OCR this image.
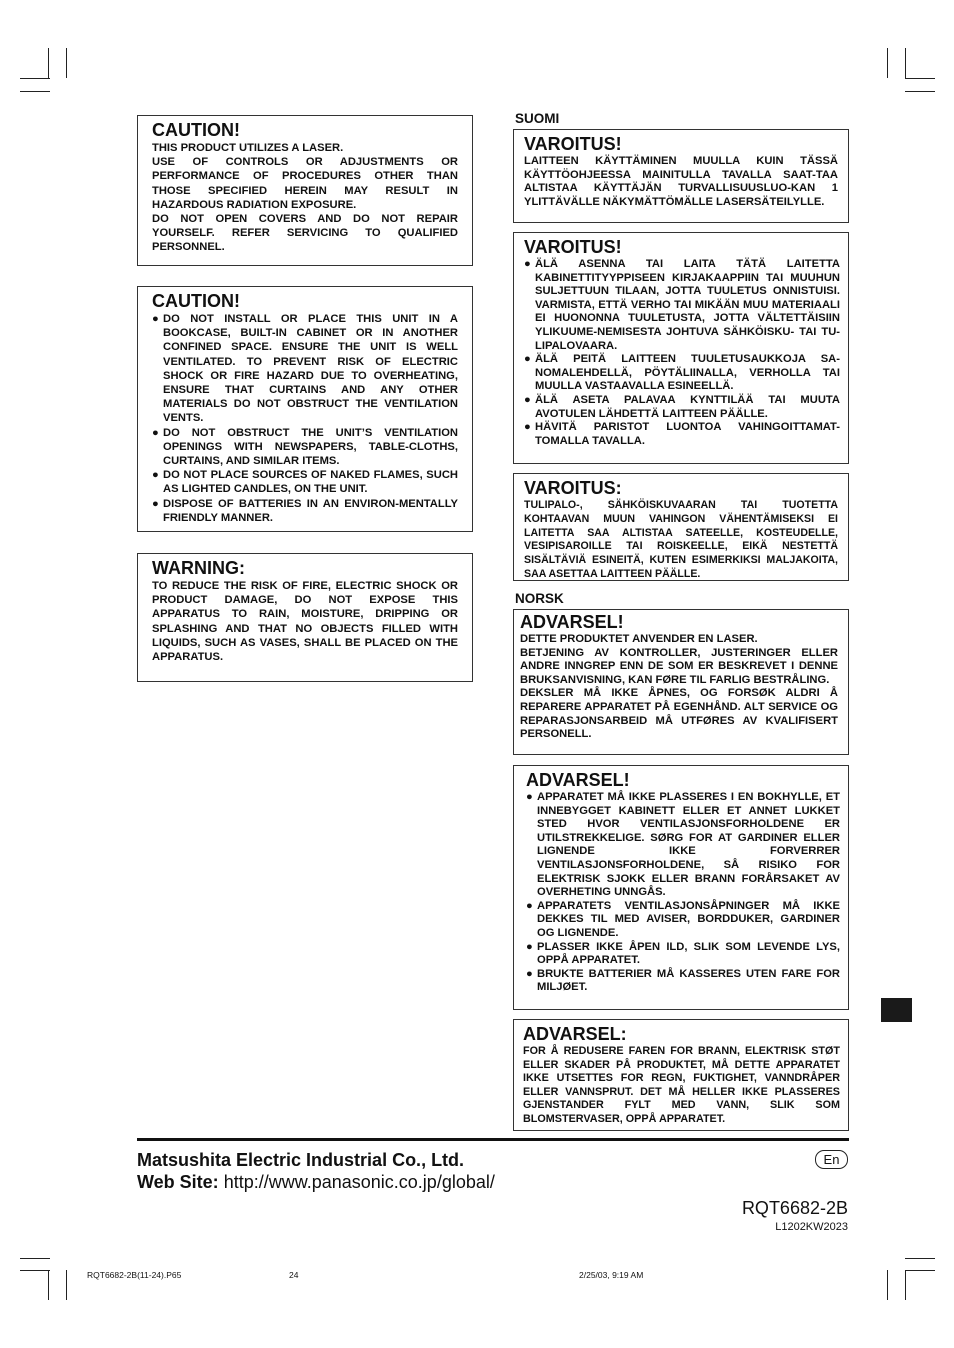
CAUTION!

THIS PRODUCT UTILIZES A LASER.

USE OF CONTROLS OR ADJUSTMENTS OR PERFORMANCE OF PROCEDURES OTHER THAN THOSE SPECIFIED HEREIN MAY RESULT IN HAZARDOUS RADIATION EXPOSURE.

DO NOT OPEN COVERS AND DO NOT REPAIR YOURSELF. REFER SERVICING TO QUALIFIED PERSONNEL.

CAUTION!
● DO NOT INSTALL OR PLACE THIS UNIT IN A BOOKCASE, BUILT-IN CABINET OR IN ANOTHER CONFINED SPACE. ENSURE THE UNIT IS WELL VENTILATED. TO PREVENT RISK OF ELECTRIC SHOCK OR FIRE HAZARD DUE TO OVERHEATING, ENSURE THAT CURTAINS AND ANY OTHER MATERIALS DO NOT OBSTRUCT THE VENTILATION VENTS.
● DO NOT OBSTRUCT THE UNIT’S VENTILATION OPENINGS WITH NEWSPAPERS, TABLE-CLOTHS, CURTAINS, AND SIMILAR ITEMS.
● DO NOT PLACE SOURCES OF NAKED FLAMES, SUCH AS LIGHTED CANDLES, ON THE UNIT.
● DISPOSE OF BATTERIES IN AN ENVIRON-MENTALLY FRIENDLY MANNER.
WARNING:
TO REDUCE THE RISK OF FIRE, ELECTRIC SHOCK OR PRODUCT DAMAGE, DO NOT EXPOSE THIS APPARATUS TO RAIN, MOISTURE, DRIPPING OR SPLASHING AND THAT NO OBJECTS FILLED WITH LIQUIDS, SUCH AS VASES, SHALL BE PLACED ON THE APPARATUS.
SUOMI
VAROITUS!
LAITTEEN KÄYTTÄMINEN MUULLA KUIN TÄSSÄ KÄYTTÖOHJEESSA MAINITULLA TAVALLA SAAT-TAA ALTISTAA KÄYTTÄJÄN TURVALLISUUSLUO-KAN 1 YLITTÄVÄLLE NÄKYMÄTTÖMÄLLE LASERSÄTEILYLLE.
VAROITUS!
● ÄLÄ ASENNA TAI LAITA TÄTÄ LAITETTA KABINETTITYYPPISEEN KIRJAKAAPPIIN TAI MUUHUN SULJETTUUN TILAAN, JOTTA TUULETUS ONNISTUISI. VARMISTA, ETTÄ VERHO TAI MIKÄÄN MUU MATERIAALI EI HUONONNA TUULETUSTA, JOTTA VÄLTETTÄISIIN YLIKUUME-NEMISESTA JOHTUVA SÄHKÖISKU- TAI TU-LIPALOVAARA.
● ÄLÄ PEITÄ LAITTEEN TUULETUSAUKKOJA SA-NOMALEHDELLÄ, PÖYTÄLIINALLA, VERHOLLA TAI MUULLA VASTAAVALLA ESINEELLÄ.
● ÄLÄ ASETA PALAVAA KYNTTILÄÄ TAI MUUTA AVOTULEN LÄHDETTÄ LAITTEEN PÄÄLLE.
● HÄVITÄ PARISTOT LUONTOA VAHINGOITTAMAT-TOMALLA TAVALLA.
VAROITUS:
TULIPALO-, SÄHKÖISKUVAARAN TAI TUOTETTA KOHTAAVAN MUUN VAHINGON VÄHENTÄMISEKSI EI LAITETTA SAA ALTISTAA SATEELLE, KOSTEUDELLE, VESIPISAROILLE TAI ROISKEELLE, EIKÄ NESTETTÄ SISÄLTÄVIÄ ESINEITÄ, KUTEN ESIMERKIKSI MALJAKOITA, SAA ASETTAA LAITTEEN PÄÄLLE.
NORSK
ADVARSEL!

DETTE PRODUKTET ANVENDER EN LASER.

BETJENING AV KONTROLLER, JUSTERINGER ELLER ANDRE INNGREP ENN DE SOM ER BESKREVET I DENNE BRUKSANVISNING, KAN FØRE TIL FARLIG BESTRÅLING.

DEKSLER MÅ IKKE ÅPNES, OG FORSØK ALDRI Å REPARERE APPARATET PÅ EGENHÅND. ALT SERVICE OG REPARASJONSARBEID MÅ UTFØRES AV KVALIFISERT PERSONELL.

ADVARSEL!
● APPARATET MÅ IKKE PLASSERES I EN BOKHYLLE, ET INNEBYGGET KABINETT ELLER ET ANNET LUKKET STED HVOR VENTILASJONSFORHOLDENE ER UTILSTREKKELIGE. SØRG FOR AT GARDINER ELLER LIGNENDE IKKE FORVERRER VENTILASJONSFORHOLDENE, SÅ RISIKO FOR ELEKTRISK SJOKK ELLER BRANN FORÅRSAKET AV OVERHETING UNNGÅS.
● APPARATETS VENTILASJONSÅPNINGER MÅ IKKE DEKKES TIL MED AVISER, BORDDUKER, GARDINER OG LIGNENDE.
● PLASSER IKKE ÅPEN ILD, SLIK SOM LEVENDE LYS, OPPÅ APPARATET.
● BRUKTE BATTERIER MÅ KASSERES UTEN FARE FOR MILJØET.
ADVARSEL:
FOR Å REDUSERE FAREN FOR BRANN, ELEKTRISK STØT ELLER SKADER PÅ PRODUKTET, MÅ DETTE APPARATET IKKE UTSETTES FOR REGN, FUKTIGHET, VANNDRÅPER ELLER VANNSPRUT. DET MÅ HELLER IKKE PLASSERES GJENSTANDER FYLT MED VANN, SLIK SOM BLOMSTERVASER, OPPÅ APPARATET.
Matsushita Electric Industrial Co., Ltd.
Web Site: http://www.panasonic.co.jp/global/
En
RQT6682-2B
L1202KW2023
RQT6682-2B(11-24).P65	24	2/25/03, 9:19 AM
